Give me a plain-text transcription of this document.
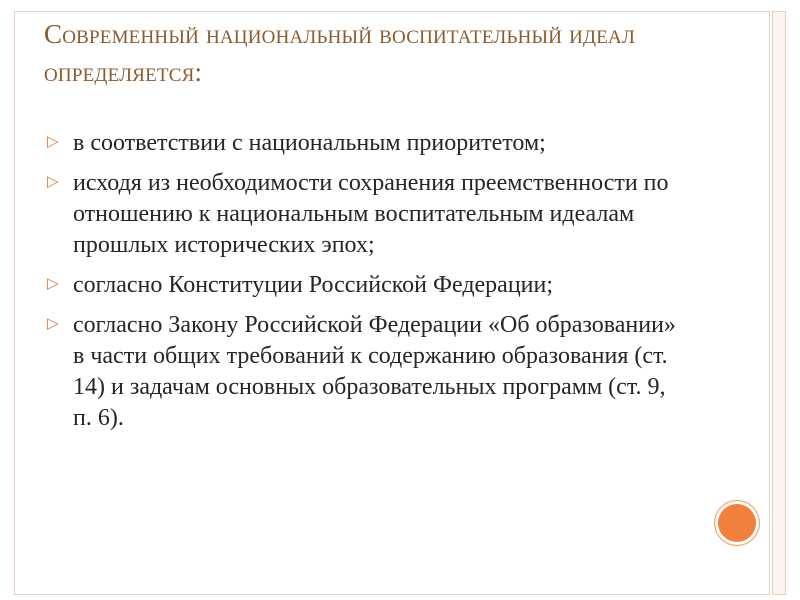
Современный национальный воспитательный идеал определяется:
▷ в соответствии с национальным приоритетом;
▷ исходя из необходимости сохранения преемственности по отношению к национальным воспитательным идеалам прошлых исторических эпох;
▷ согласно Конституции Российской Федерации;
▷ согласно Закону Российской Федерации «Об образовании» в части общих требований к содержанию образования (ст. 14) и задачам основных образовательных программ (ст. 9, п. 6).
